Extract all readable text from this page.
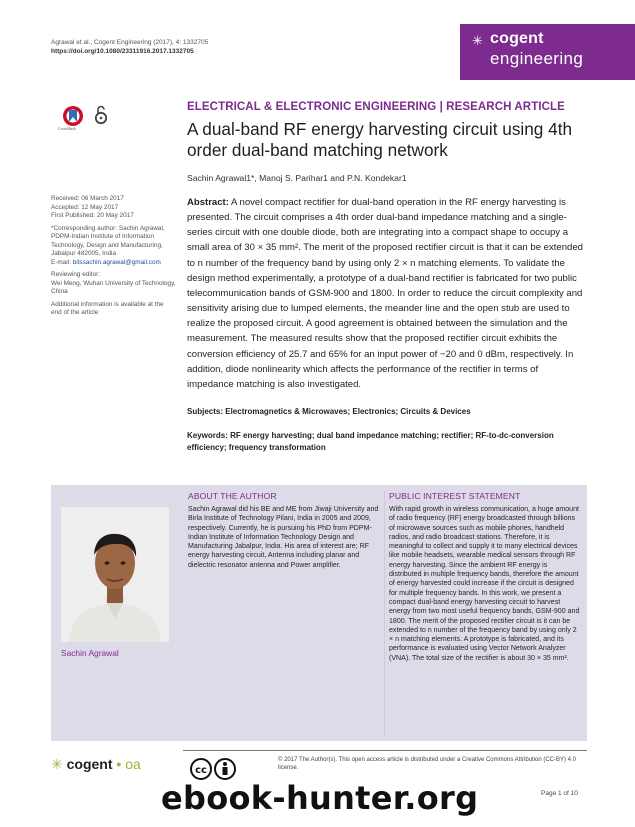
Agrawal et al., Cogent Engineering (2017), 4: 1332705
https://doi.org/10.1080/23311916.2017.1332705
✳ cogent
engineering
CrossMark
Received: 06 March 2017
Accepted: 12 May 2017
First Published: 20 May 2017
*Corresponding author: Sachin Agrawal, PDPM-Indian Institute of Information Technology, Design and Manufacturing, Jabalpur 482005, India
E-mail: bitssachin.agrawal@gmail.com
Reviewing editor:
Wei Meng, Wuhan University of Technology, China
Additional information is available at the end of the article
ELECTRICAL & ELECTRONIC ENGINEERING | RESEARCH ARTICLE
A dual-band RF energy harvesting circuit using 4th order dual-band matching network
Sachin Agrawal1*, Manoj S. Parihar1 and P.N. Kondekar1
Abstract: A novel compact rectifier for dual-band operation in the RF energy harvesting is presented. The circuit comprises a 4th order dual-band impedance matching and a single-series circuit with one double diode, both are integrating into a compact shape to occupy a small area of 30 × 35 mm². The merit of the proposed rectifier circuit is that it can be extended to n number of the frequency band by using only 2 × n matching elements. To validate the design method experimentally, a prototype of a dual-band rectifier is fabricated for two public telecommunication bands of GSM-900 and 1800. In order to reduce the circuit complexity and sensitivity arising due to lumped elements, the meander line and the open stub are used to realize the proposed circuit. A good agreement is obtained between the simulation and the measurement. The measured results show that the proposed rectifier circuit exhibits the conversion efficiency of 25.7 and 65% for an input power of −20 and 0 dBm, respectively. In addition, diode nonlinearity which affects the performance of the rectifier in terms of impedance matching is also investigated.
Subjects: Electromagnetics & Microwaves; Electronics; Circuits & Devices
Keywords: RF energy harvesting; dual band impedance matching; rectifier; RF-to-dc-conversion efficiency; frequency transformation
Sachin Agrawal
ABOUT THE AUTHOR
Sachin Agrawal did his BE and ME from Jiwaji University and Birla Institute of Technology Pilani, India in 2005 and 2009, respectively. Currently, he is pursuing his PhD from PDPM-Indian Institute of Information Technology Design and Manufacturing Jabalpur, India. His area of interest are; RF energy harvesting circuit, Antenna including planar and dielectric resonator antenna and Power amplifier.
PUBLIC INTEREST STATEMENT
With rapid growth in wireless communication, a huge amount of radio frequency (RF) energy broadcasted through billions of microwave sources such as mobile phones, handheld radios, and radio broadcast stations. Therefore, it is meaningful to collect and supply it to many electrical devices like mobile headsets, wearable medical sensors through RF energy harvesting. Since the ambient RF energy is distributed in multiple frequency bands, therefore the amount of energy harvested could increase if the circuit is designed for multiple frequency bands. In this work, we present a compact dual-band energy harvesting circuit to harvest energy from two most useful frequency bands, GSM-900 and 1800. The merit of the proposed rectifier circuit is it can be extended to n number of the frequency band by using only 2 × n matching elements. A prototype is fabricated, and its performance is evaluated using Vector Network Analyzer (VNA). The total size of the rectifier is about 30 × 35 mm².
✳ cogent • oa	cc
© 2017 The Author(s). This open access article is distributed under a Creative Commons Attribution (CC-BY) 4.0 license.
Page 1 of 10
ebook-hunter.org
